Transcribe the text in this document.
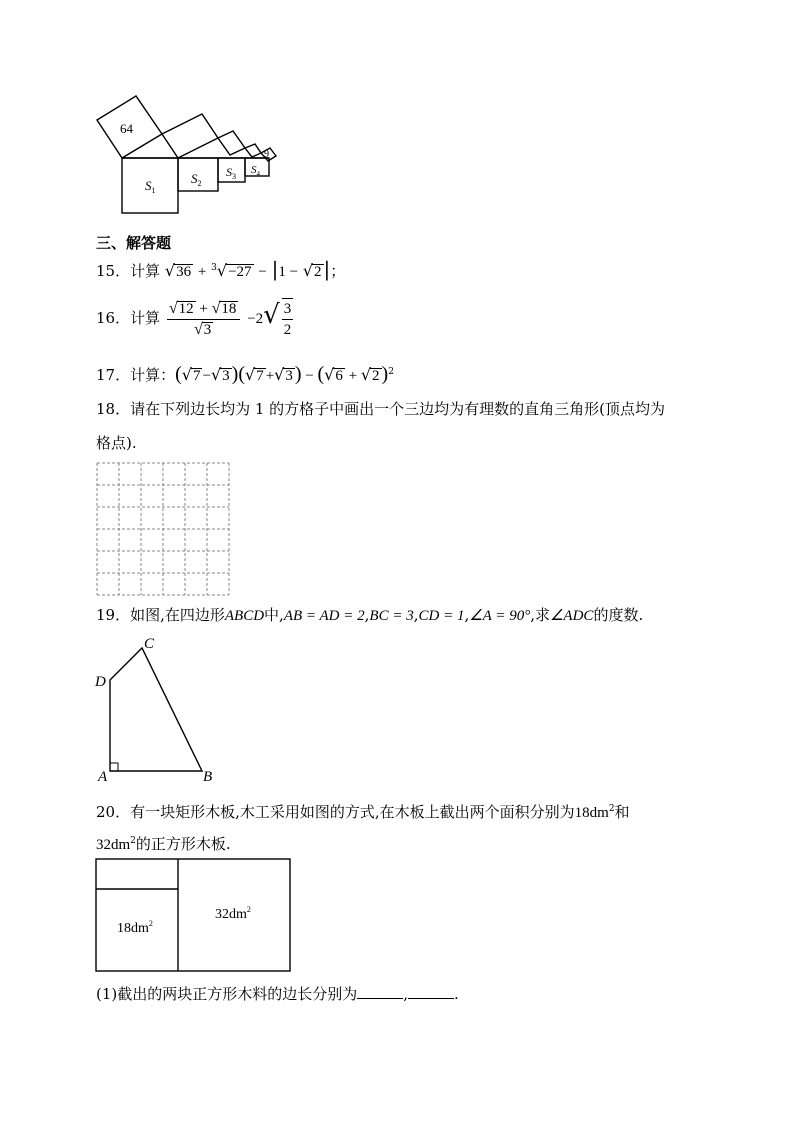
64
9
$S_1$
$S_2$
$S_3$
$S_4$
三、解答题
15．计算 √36 + $^3$√−27 − |1 − √2 |；
16．计算 $\frac{√12 + √18}{√3} -2√ \frac{3}{2}$
17．计算：(√7 −√3 )(√7 +√3 ) − (√6 + √2 )$^2$
18．请在下列边长均为 1 的方格子中画出一个三边均为有理数的直角三角形(顶点均为
格点).
19．如图,在四边形ABCD中,AB = AD = 2,BC = 3,CD = 1,∠A = 90°,求∠ADC的度数.
C
D
A	B
20．有一块矩形木板,木工采用如图的方式,在木板上截出两个面积分别为$18dm^2$和
$32dm^2$的正方形木板.
$18dm^2$
$32dm^2$
(1)截出的两块正方形木料的边长分别为	,	.
